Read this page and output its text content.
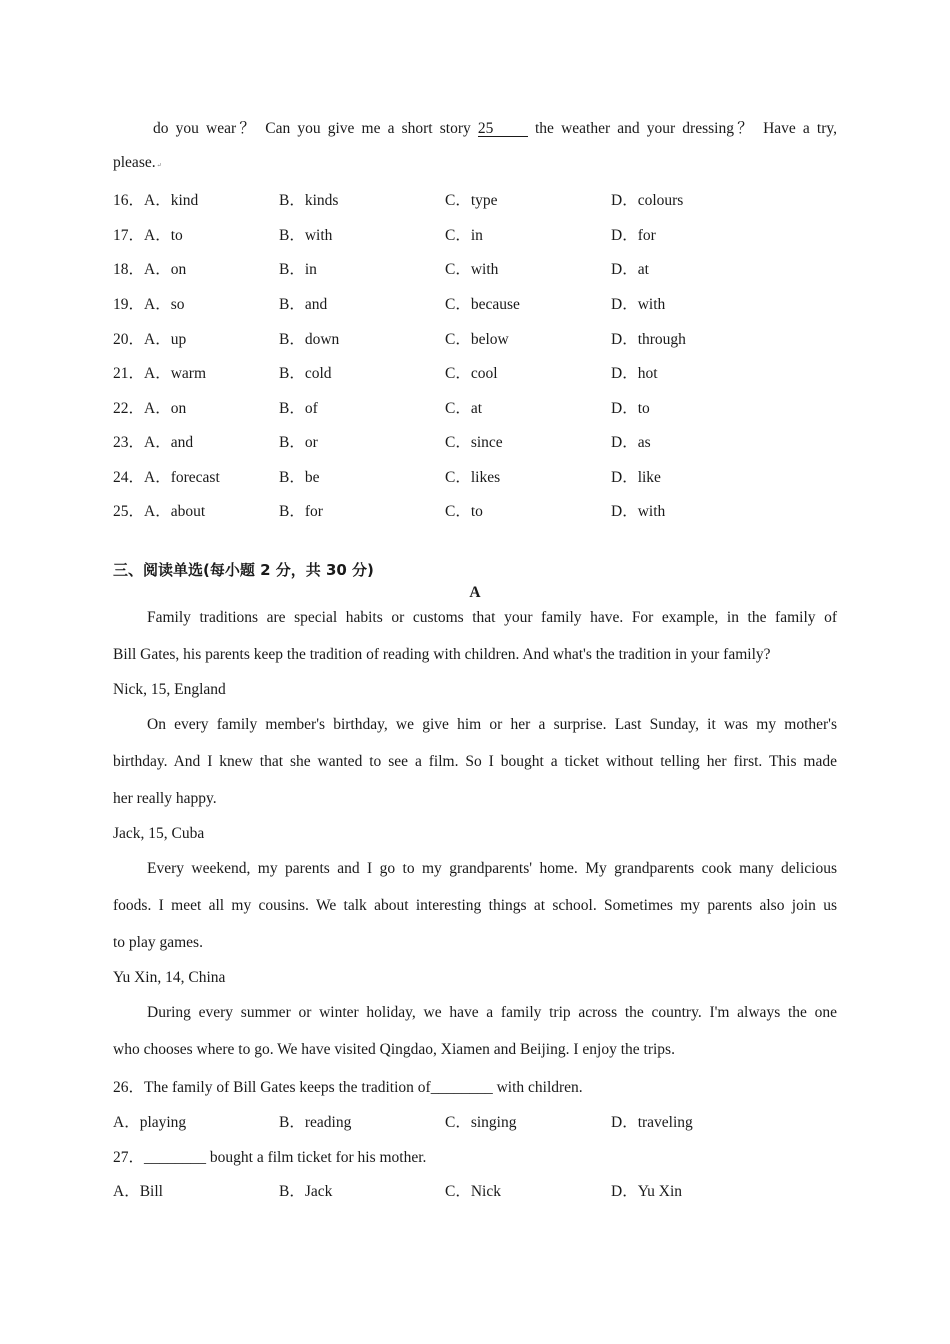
do you wear？ Can you give me a short story 25 the weather and your dressing？ Have a try,
please.↵
16．A．kind	B．kinds	C．type	D．colours
17．A．to	B．with	C．in	D．for
18．A．on	B．in	C．with	D．at
19．A．so	B．and	C．because	D．with
20．A．up	B．down	C．below	D．through
21．A．warm	B．cold	C．cool	D．hot
22．A．on	B．of	C．at	D．to
23．A．and	B．or	C．since	D．as
24．A．forecast	B．be	C．likes	D．like
25．A．about	B．for	C．to	D．with
三、阅读单选(每小题 2 分，共 30 分)
A
Family traditions are special habits or customs that your family have. For example, in the family of
Bill Gates, his parents keep the tradition of reading with children. And what's the tradition in your family?
Nick, 15, England
On every family member's birthday, we give him or her a surprise. Last Sunday, it was my mother's
birthday. And I knew that she wanted to see a film. So I bought a ticket without telling her first. This made
her really happy.
Jack, 15, Cuba
Every weekend, my parents and I go to my grandparents' home. My grandparents cook many delicious
foods. I meet all my cousins. We talk about interesting things at school. Sometimes my parents also join us
to play games.
Yu Xin, 14, China
During every summer or winter holiday, we have a family trip across the country. I'm always the one
who chooses where to go. We have visited Qingdao, Xiamen and Beijing. I enjoy the trips.
26．The family of Bill Gates keeps the tradition of________ with children.
A．playing	B．reading	C．singing	D．traveling
27．________ bought a film ticket for his mother.
A．Bill	B．Jack	C．Nick	D．Yu Xin
